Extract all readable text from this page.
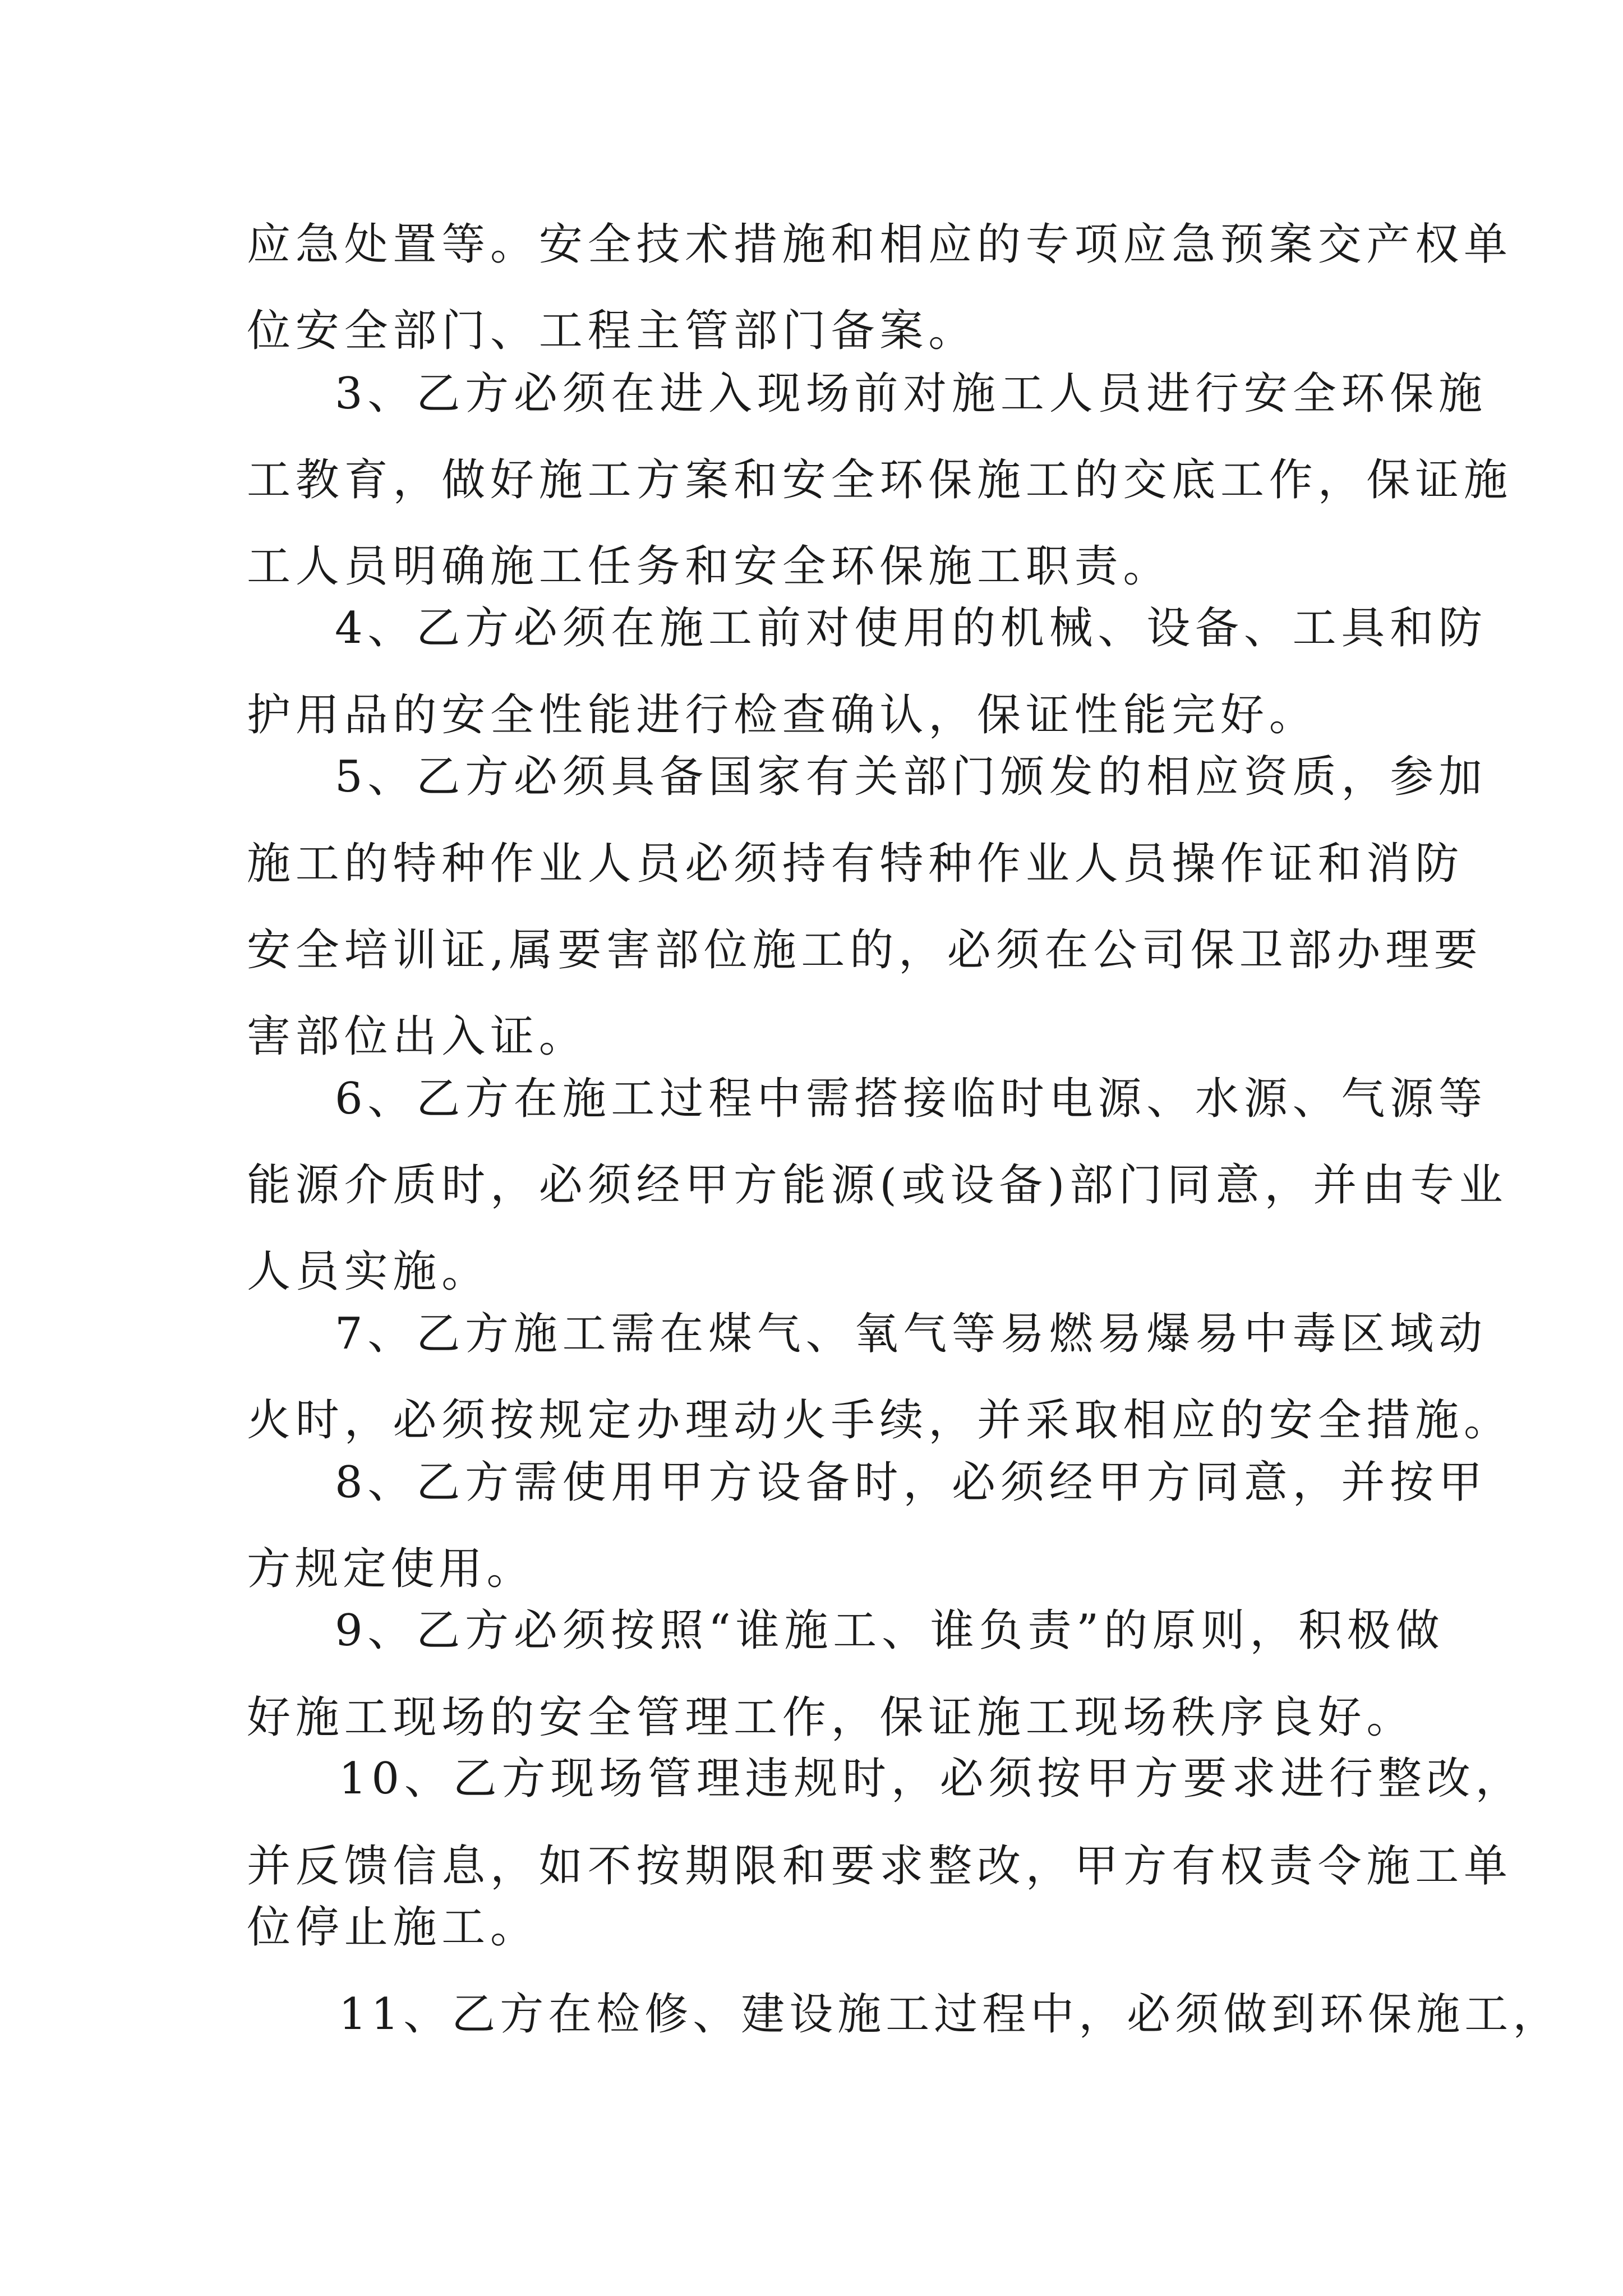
应急处置等。安全技术措施和相应的专项应急预案交产权单
位安全部门、工程主管部门备案。
3、乙方必须在进入现场前对施工人员进行安全环保施
工教育，做好施工方案和安全环保施工的交底工作，保证施
工人员明确施工任务和安全环保施工职责。
4、乙方必须在施工前对使用的机械、设备、工具和防
护用品的安全性能进行检查确认，保证性能完好。
5、乙方必须具备国家有关部门颁发的相应资质，参加
施工的特种作业人员必须持有特种作业人员操作证和消防
安全培训证,属要害部位施工的，必须在公司保卫部办理要
害部位出入证。
6、乙方在施工过程中需搭接临时电源、水源、气源等
能源介质时，必须经甲方能源(或设备)部门同意，并由专业
人员实施。
7、乙方施工需在煤气、氧气等易燃易爆易中毒区域动
火时，必须按规定办理动火手续，并采取相应的安全措施。
8、乙方需使用甲方设备时，必须经甲方同意，并按甲
方规定使用。
9、乙方必须按照“谁施工、谁负责”的原则，积极做
好施工现场的安全管理工作，保证施工现场秩序良好。
10、乙方现场管理违规时，必须按甲方要求进行整改，
并反馈信息，如不按期限和要求整改，甲方有权责令施工单
位停止施工。
11、乙方在检修、建设施工过程中，必须做到环保施工，
